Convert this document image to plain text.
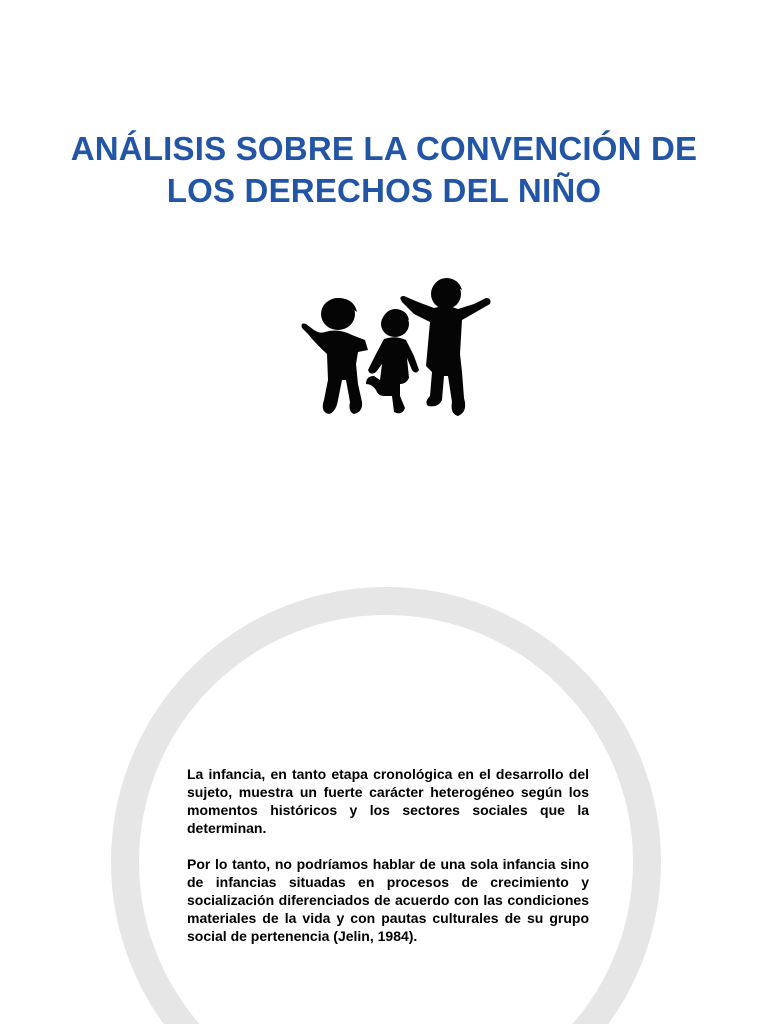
ANÁLISIS SOBRE LA CONVENCIÓN DE
LOS DERECHOS DEL NIÑO

La infancia, en tanto etapa cronológica en el desarrollo del sujeto, muestra un fuerte carácter heterogéneo según los momentos históricos y los sectores sociales que la determinan.

Por lo tanto, no podríamos hablar de una sola infancia sino de infancias situadas en procesos de crecimiento y socialización diferenciados de acuerdo con las condiciones materiales de la vida y con pautas culturales de su grupo social de pertenencia (Jelin, 1984).
